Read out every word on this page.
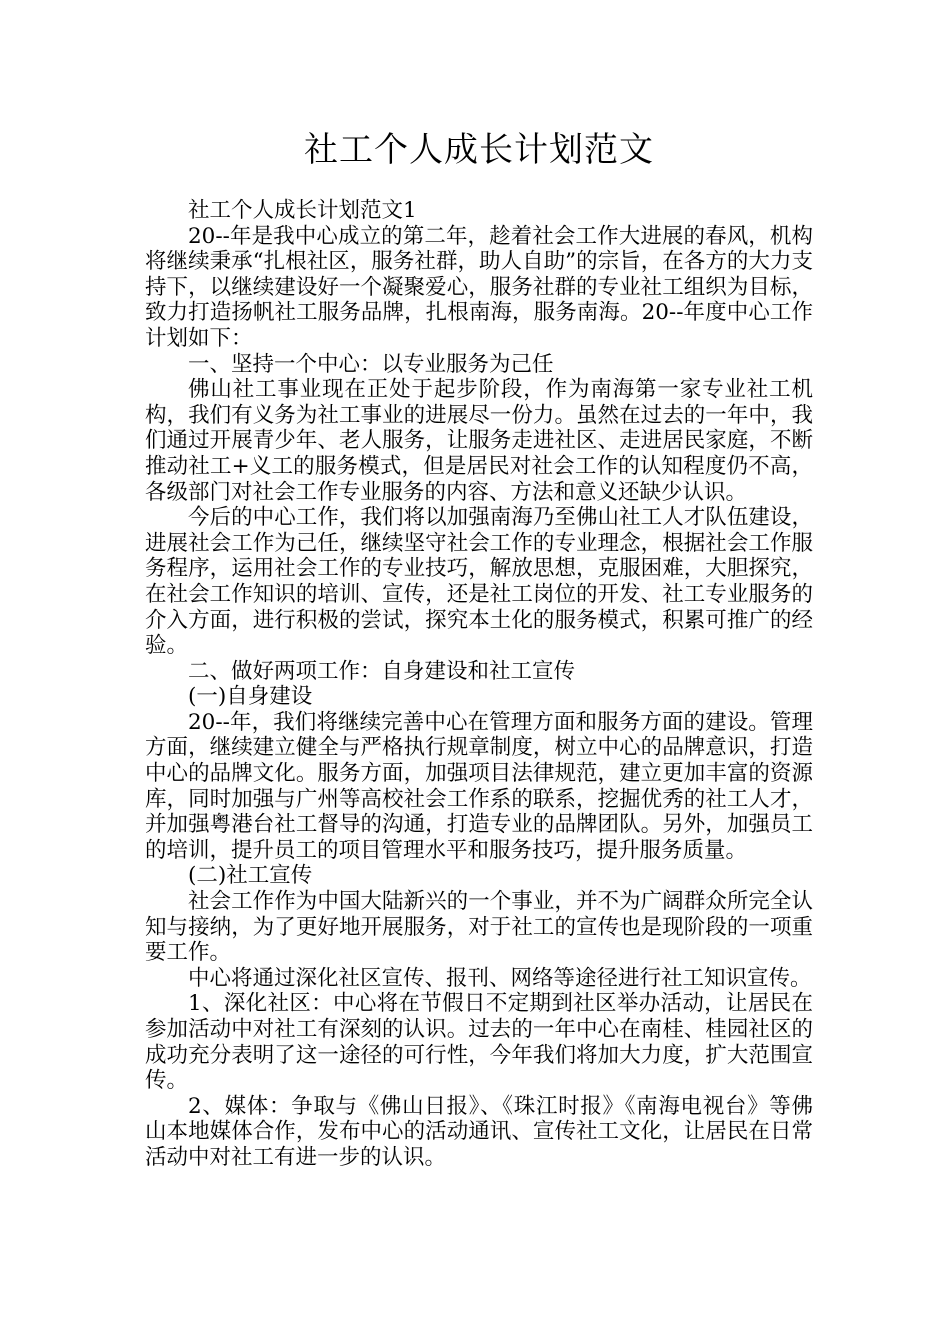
社工个人成长计划范文

社工个人成长计划范文1

20--年是我中心成立的第二年，趁着社会工作大进展的春风，机构将继续秉承“扎根社区，服务社群，助人自助”的宗旨，在各方的大力支持下，以继续建设好一个凝聚爱心，服务社群的专业社工组织为目标，致力打造扬帆社工服务品牌，扎根南海，服务南海。20--年度中心工作计划如下：

一、坚持一个中心：以专业服务为己任

佛山社工事业现在正处于起步阶段，作为南海第一家专业社工机构，我们有义务为社工事业的进展尽一份力。虽然在过去的一年中，我们通过开展青少年、老人服务，让服务走进社区、走进居民家庭，不断推动社工+义工的服务模式，但是居民对社会工作的认知程度仍不高，各级部门对社会工作专业服务的内容、方法和意义还缺少认识。

今后的中心工作，我们将以加强南海乃至佛山社工人才队伍建设，进展社会工作为己任，继续坚守社会工作的专业理念，根据社会工作服务程序，运用社会工作的专业技巧，解放思想，克服困难，大胆探究，在社会工作知识的培训、宣传，还是社工岗位的开发、社工专业服务的介入方面，进行积极的尝试，探究本土化的服务模式，积累可推广的经验。

二、做好两项工作：自身建设和社工宣传

(一)自身建设

20--年，我们将继续完善中心在管理方面和服务方面的建设。管理方面，继续建立健全与严格执行规章制度，树立中心的品牌意识，打造中心的品牌文化。服务方面，加强项目法律规范，建立更加丰富的资源库，同时加强与广州等高校社会工作系的联系，挖掘优秀的社工人才，并加强粤港台社工督导的沟通，打造专业的品牌团队。另外，加强员工的培训，提升员工的项目管理水平和服务技巧，提升服务质量。

(二)社工宣传

社会工作作为中国大陆新兴的一个事业，并不为广阔群众所完全认知与接纳，为了更好地开展服务，对于社工的宣传也是现阶段的一项重要工作。

中心将通过深化社区宣传、报刊、网络等途径进行社工知识宣传。

1、深化社区：中心将在节假日不定期到社区举办活动，让居民在参加活动中对社工有深刻的认识。过去的一年中心在南桂、桂园社区的成功充分表明了这一途径的可行性，今年我们将加大力度，扩大范围宣传。

2、媒体：争取与《佛山日报》、《珠江时报》《南海电视台》等佛山本地媒体合作，发布中心的活动通讯、宣传社工文化，让居民在日常活动中对社工有进一步的认识。
